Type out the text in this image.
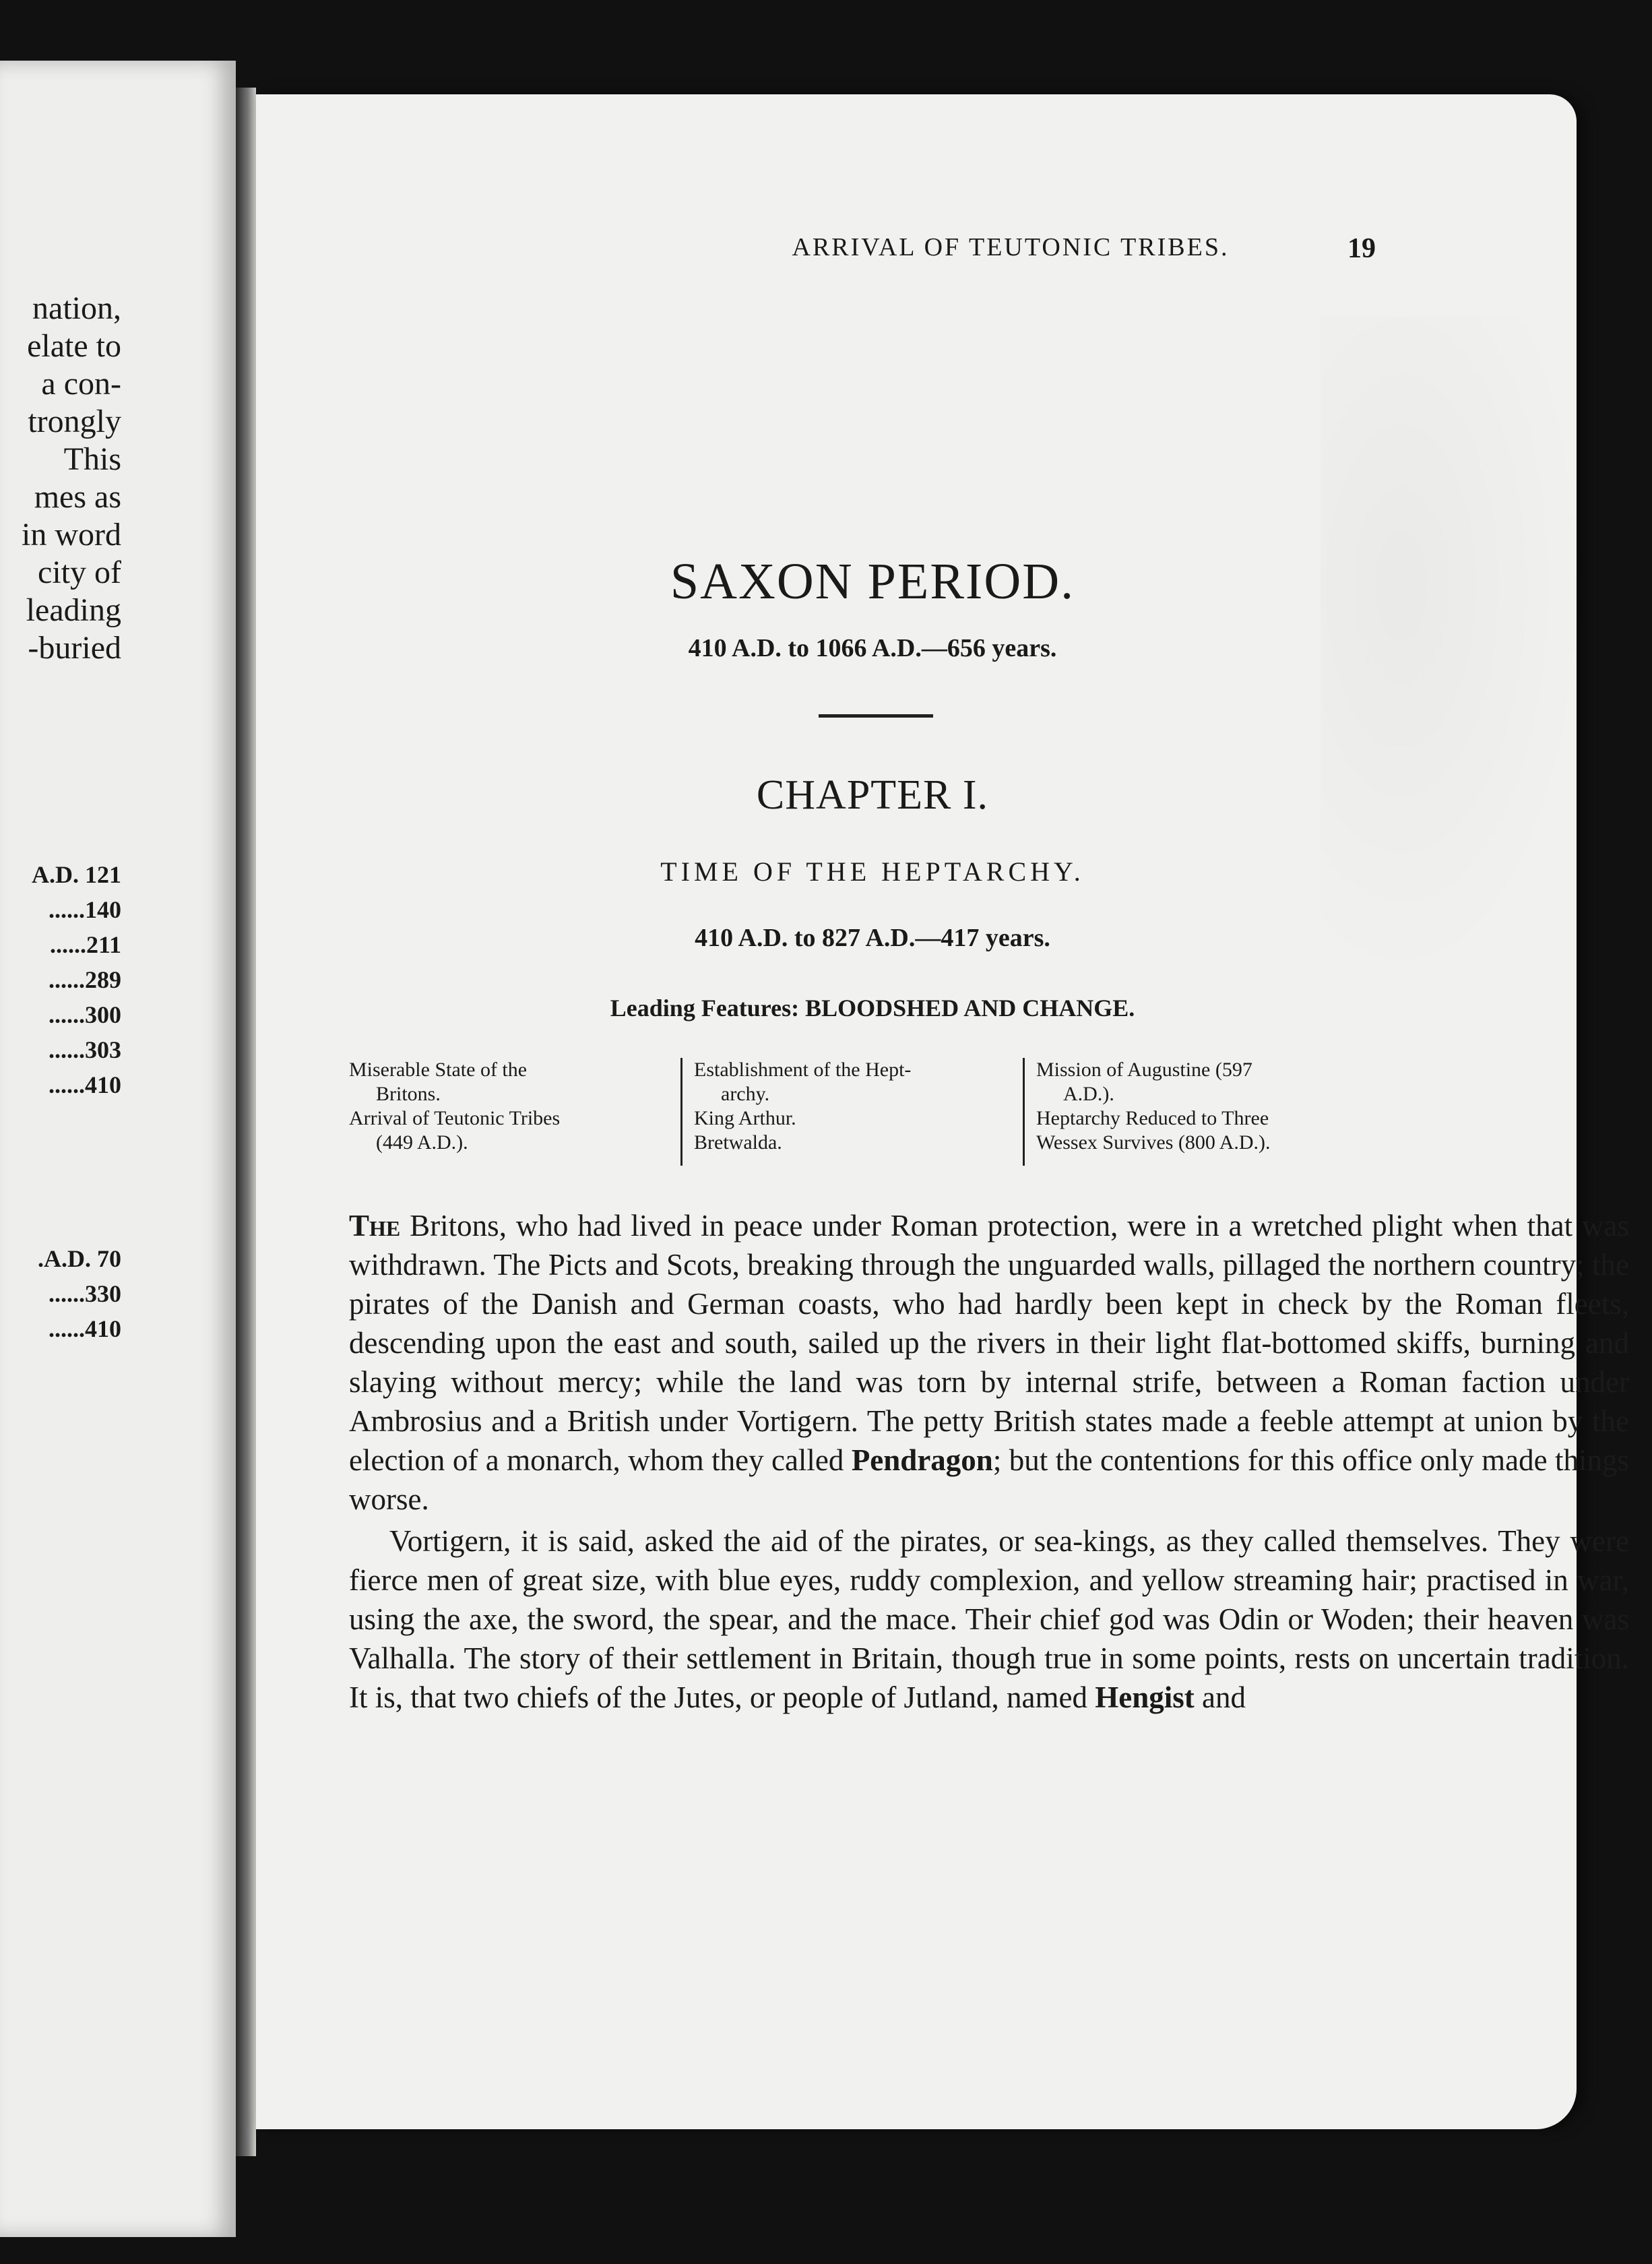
nation,
elate to
a con-
trongly
This
mes as
in word
city of
leading
-buried
A.D. 121
......140
......211
......289
......300
......303
......410
.A.D. 70
......330
......410
ARRIVAL OF TEUTONIC TRIBES.	19
SAXON PERIOD.
410 A.D. to 1066 A.D.—656 years.
CHAPTER I.
TIME OF THE HEPTARCHY.
410 A.D. to 827 A.D.—417 years.
Leading Features: BLOODSHED AND CHANGE.
Miserable State of the
Britons.
Arrival of Teutonic Tribes
(449 A.D.).
Establishment of the Hept-
archy.
King Arthur.
Bretwalda.
Mission of Augustine (597
A.D.).
Heptarchy Reduced to Three
Wessex Survives (800 A.D.).

The Britons, who had lived in peace under Roman protection, were in a wretched plight when that was withdrawn. The Picts and Scots, breaking through the unguarded walls, pillaged the northern country; the pirates of the Danish and German coasts, who had hardly been kept in check by the Roman fleets, descending upon the east and south, sailed up the rivers in their light flat-bottomed skiffs, burning and slaying without mercy; while the land was torn by internal strife, between a Roman faction under Ambrosius and a British under Vortigern. The petty British states made a feeble attempt at union by the election of a monarch, whom they called Pendragon; but the contentions for this office only made things worse.

Vortigern, it is said, asked the aid of the pirates, or sea-kings, as they called themselves. They were fierce men of great size, with blue eyes, ruddy complexion, and yellow streaming hair; practised in war, using the axe, the sword, the spear, and the mace. Their chief god was Odin or Woden; their heaven was Valhalla. The story of their settlement in Britain, though true in some points, rests on uncertain tradition. It is, that two chiefs of the Jutes, or people of Jutland, named Hengist and
